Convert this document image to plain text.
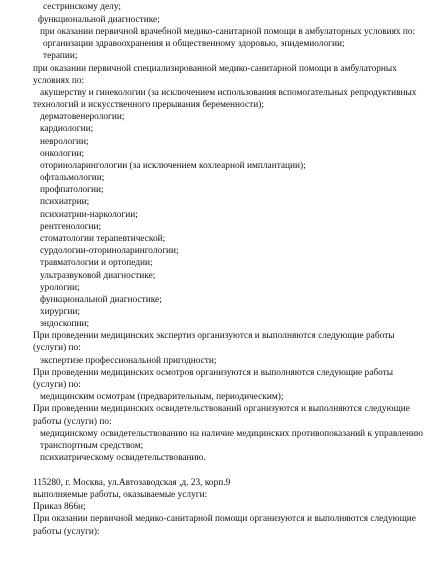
сестринскому делу;
функциональной диагностике;
при оказании первичной врачебной медико-санитарной помощи в амбулаторных условиях по:
организации здравоохранения и общественному здоровью, эпидемиологии;
терапии;
при оказании первичной специализированной медико-санитарной помощи в амбулаторных
условиях по:
акушерству и гинекологии (за исключением использования вспомогательных репродуктивных
технологий и искусственного прерывания беременности);
дерматовенерологии;
кардиологии;
неврологии;
онкологии;
оториноларингологии (за исключением кохлеарной имплантации);
офтальмологии;
профпатологии;
психиатрии;
психиатрии-наркологии;
рентгенологии;
стоматологии терапевтической;
сурдологии-оториноларингологии;
травматологии и ортопедии;
ультразвуковой диагностике;
урологии;
функциональной диагностике;
хирургии;
эндоскопии;
При проведении медицинских экспертиз организуются и выполняются следующие работы
(услуги) по:
экспертизе профессиональной пригодности;
При проведении медицинских осмотров организуются и выполняются следующие работы
(услуги) по:
медицинским осмотрам (предварительным, периодическим);
При проведении медицинских освидетельствований организуются и выполняются следующие
работы (услуги) по:
медицинскому освидетельствованию на наличие медицинских противопоказаний к управлению
транспортным средством;
психиатрическому освидетельствованию.
115280, г. Москва, ул.Автозаводская ,д. 23, корп.9
выполняемые работы, оказываемые услуги:
Приказ 866н;
При оказании первичной медико-санитарной помощи организуются и выполняются следующие
работы (услуги):
